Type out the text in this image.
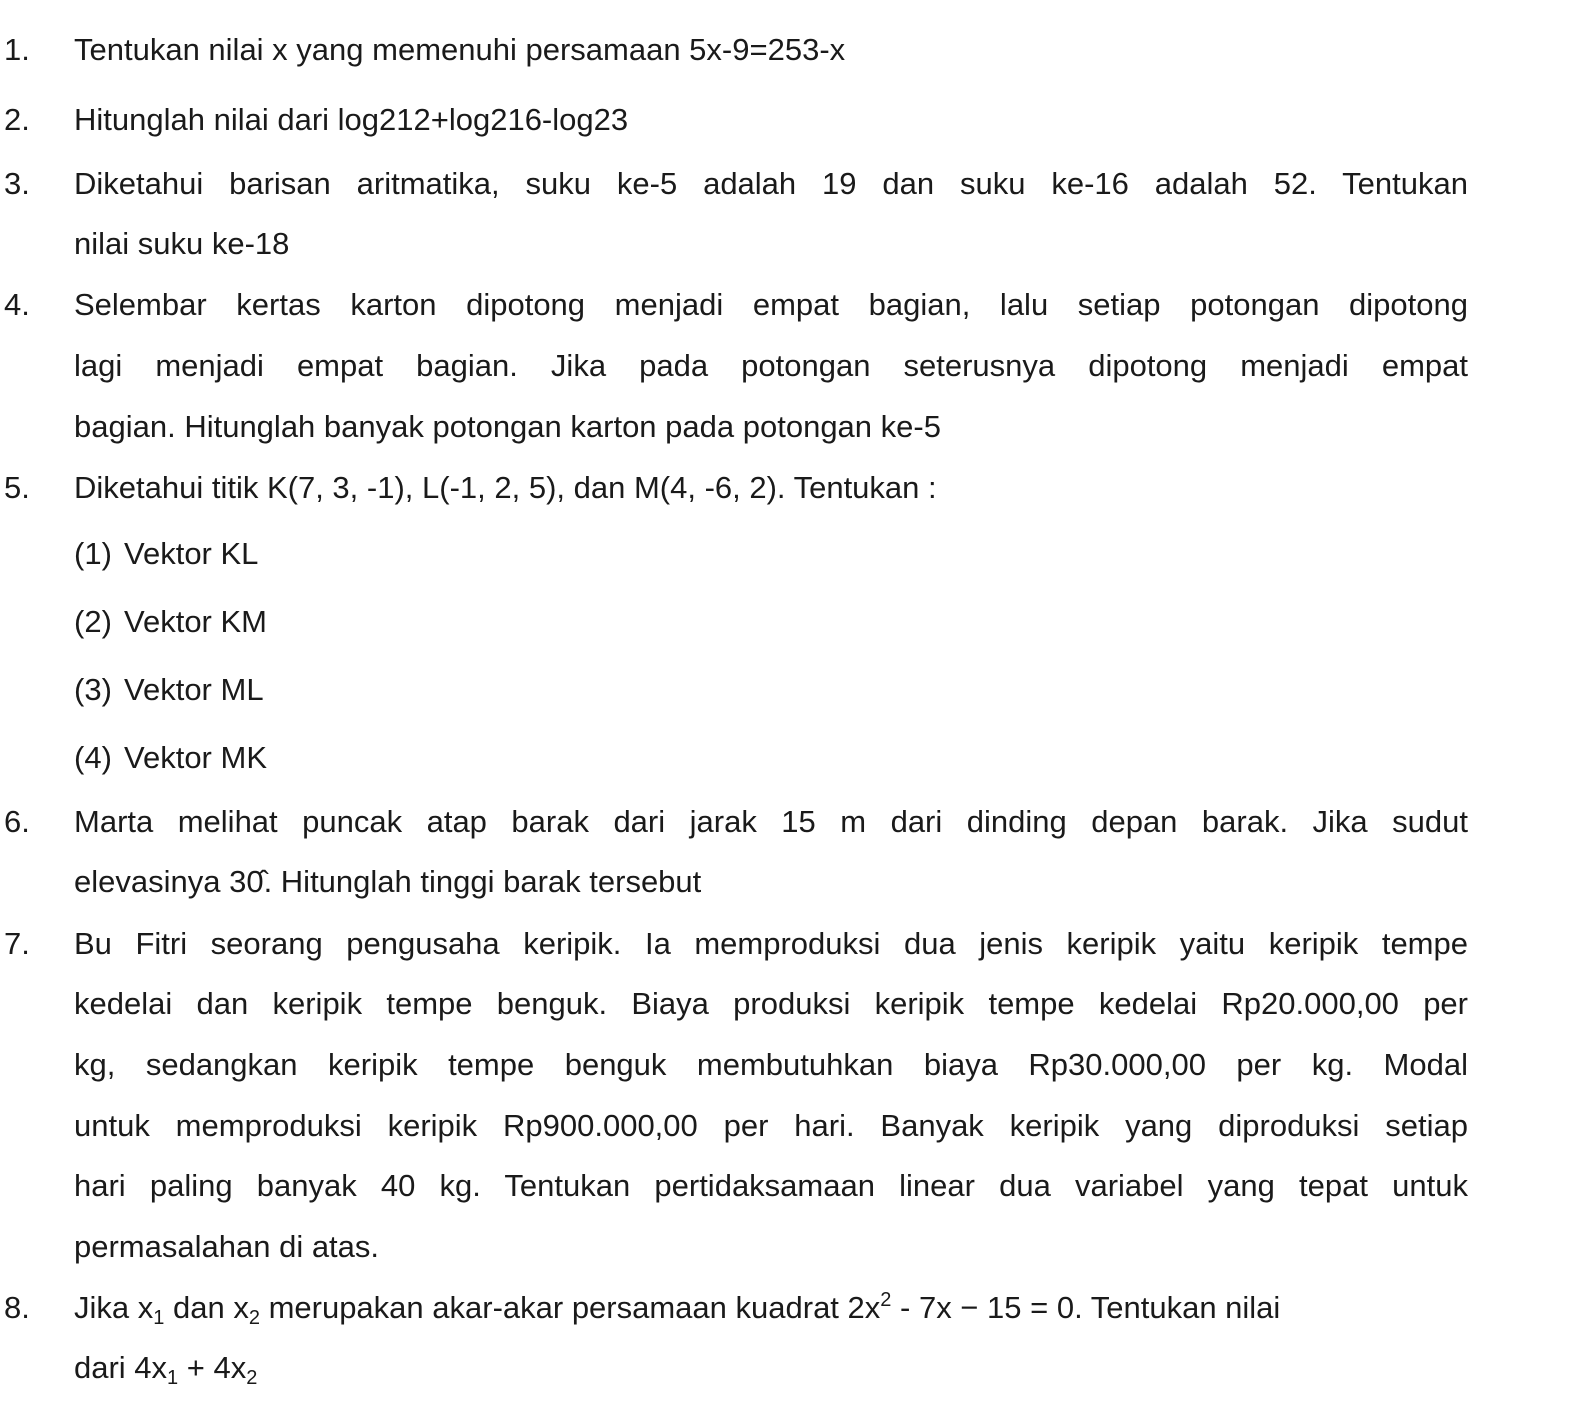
1. Tentukan nilai x yang memenuhi persamaan 5x-9=253-x
2. Hitunglah nilai dari log212+log216-log23
3. Diketahui barisan aritmatika, suku ke-5 adalah 19 dan suku ke-16 adalah 52. Tentukan
nilai suku ke-18
4. Selembar kertas karton dipotong menjadi empat bagian, lalu setiap potongan dipotong
lagi menjadi empat bagian. Jika pada potongan seterusnya dipotong menjadi empat
bagian. Hitunglah banyak potongan karton pada potongan ke-5
5. Diketahui titik K(7, 3, -1), L(-1, 2, 5), dan M(4, -6, 2). Tentukan :
(1) Vektor KL
(2) Vektor KM
(3) Vektor ML
(4) Vektor MK
6. Marta melihat puncak atap barak dari jarak 15 m dari dinding depan barak. Jika sudut
elevasinya 30̂. Hitunglah tinggi barak tersebut
7. Bu Fitri seorang pengusaha keripik. Ia memproduksi dua jenis keripik yaitu keripik tempe
kedelai dan keripik tempe benguk. Biaya produksi keripik tempe kedelai Rp20.000,00 per
kg, sedangkan keripik tempe benguk membutuhkan biaya Rp30.000,00 per kg. Modal
untuk memproduksi keripik Rp900.000,00 per hari. Banyak keripik yang diproduksi setiap
hari paling banyak 40 kg. Tentukan pertidaksamaan linear dua variabel yang tepat untuk
permasalahan di atas.
8. Jika $x_1$ dan $x_2$ merupakan akar-akar persamaan kuadrat $2x^2 - 7x - 15 = 0$. Tentukan nilai
dari $4x_1 + 4x_2$
